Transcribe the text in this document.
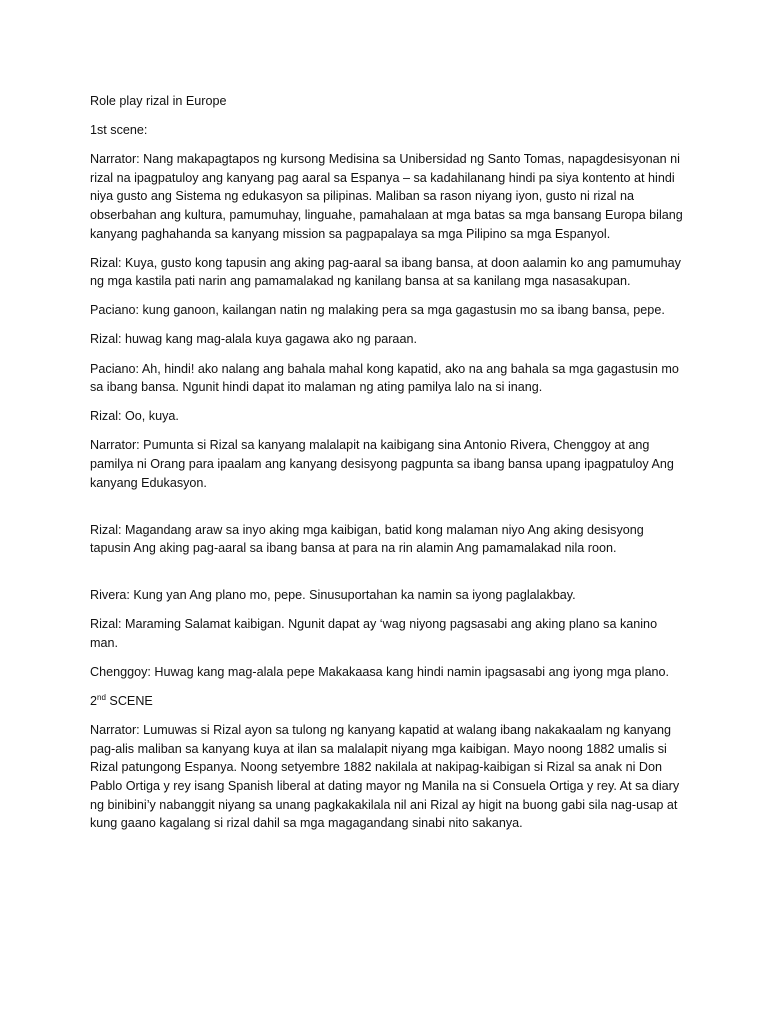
Role play rizal in Europe

1st scene:

Narrator: Nang makapagtapos ng kursong Medisina sa Unibersidad ng Santo Tomas, napagdesisyonan ni rizal na ipagpatuloy ang kanyang pag aaral sa Espanya – sa kadahilanang hindi pa siya kontento at hindi niya gusto ang Sistema ng edukasyon sa pilipinas. Maliban sa rason niyang iyon, gusto ni rizal na obserbahan ang kultura, pamumuhay, linguahe, pamahalaan at mga batas sa mga bansang Europa bilang kanyang paghahanda sa kanyang mission sa pagpapalaya sa mga Pilipino sa mga Espanyol.

Rizal: Kuya, gusto kong tapusin ang aking pag-aaral sa ibang bansa, at doon aalamin ko ang pamumuhay ng mga kastila pati narin ang pamamalakad ng kanilang bansa at sa kanilang mga nasasakupan.

Paciano: kung ganoon, kailangan natin ng malaking pera sa mga gagastusin mo sa ibang bansa, pepe.

Rizal: huwag kang mag-alala kuya gagawa ako ng paraan.

Paciano: Ah, hindi! ako nalang ang bahala mahal kong kapatid, ako na ang bahala sa mga gagastusin mo sa ibang bansa. Ngunit hindi dapat ito malaman ng ating pamilya lalo na si inang.

Rizal: Oo, kuya.

Narrator: Pumunta si Rizal sa kanyang malalapit na kaibigang sina Antonio Rivera, Chenggoy at ang pamilya ni Orang para ipaalam ang kanyang desisyong pagpunta sa ibang bansa upang ipagpatuloy Ang kanyang Edukasyon.

Rizal: Magandang araw sa inyo aking mga kaibigan, batid kong malaman niyo Ang aking desisyong tapusin Ang aking pag-aaral sa ibang bansa at para na rin alamin Ang pamamalakad nila roon.

Rivera: Kung yan Ang plano mo, pepe. Sinusuportahan ka namin sa iyong paglalakbay.

Rizal: Maraming Salamat kaibigan. Ngunit dapat ay ‘wag niyong pagsasabi ang aking plano sa kanino man.

Chenggoy: Huwag kang mag-alala pepe Makakaasa kang hindi namin ipagsasabi ang iyong mga plano.

2nd SCENE

Narrator: Lumuwas si Rizal ayon sa tulong ng kanyang kapatid at walang ibang nakakaalam ng kanyang pag-alis maliban sa kanyang kuya at ilan sa malalapit niyang mga kaibigan. Mayo noong 1882 umalis si Rizal patungong Espanya. Noong setyembre 1882 nakilala at nakipag-kaibigan si Rizal sa anak ni Don Pablo Ortiga y rey isang Spanish liberal at dating mayor ng Manila na si Consuela Ortiga y rey. At sa diary ng binibini’y nabanggit niyang sa unang pagkakakilala nil ani Rizal ay higit na buong gabi sila nag-usap at kung gaano kagalang si rizal dahil sa mga magagandang sinabi nito sakanya.
